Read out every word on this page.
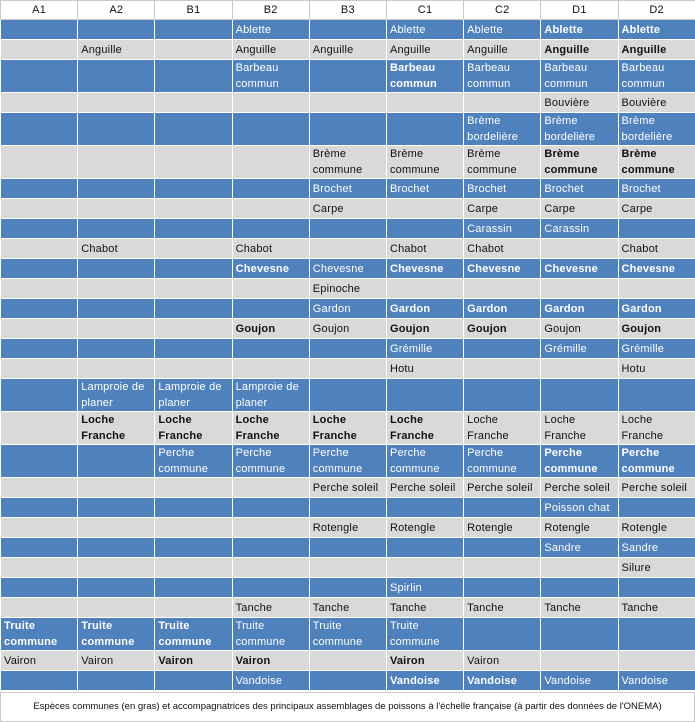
A1	A2	B1	B2	B3	C1	C2	D1	D2
			Ablette		Ablette	Ablette	Ablette	Ablette
	Anguille		Anguille	Anguille	Anguille	Anguille	Anguille	Anguille
			Barbeau commun		Barbeau commun	Barbeau commun	Barbeau commun	Barbeau commun
							Bouvière	Bouvière
						Brème bordelière	Brème bordelière	Brème bordelière
				Brème commune	Brème commune	Brème commune	Brème commune	Brème commune
				Brochet	Brochet	Brochet	Brochet	Brochet
				Carpe		Carpe	Carpe	Carpe
						Carassin	Carassin	
	Chabot		Chabot		Chabot	Chabot		Chabot
			Chevesne	Chevesne	Chevesne	Chevesne	Chevesne	Chevesne
				Epinoche				
				Gardon	Gardon	Gardon	Gardon	Gardon
			Goujon	Goujon	Goujon	Goujon	Goujon	Goujon
					Grémille		Grémille	Grémille
					Hotu			Hotu
	Lamproie de planer	Lamproie de planer	Lamproie de planer					
	Loche Franche	Loche Franche	Loche Franche	Loche Franche	Loche Franche	Loche Franche	Loche Franche	Loche Franche
		Perche commune	Perche commune	Perche commune	Perche commune	Perche commune	Perche commune	Perche commune
				Perche soleil	Perche soleil	Perche soleil	Perche soleil	Perche soleil
							Poisson chat	
				Rotengle	Rotengle	Rotengle	Rotengle	Rotengle
							Sandre	Sandre
								Silure
					Spirlin			
			Tanche	Tanche	Tanche	Tanche	Tanche	Tanche
Truite commune	Truite commune	Truite commune	Truite commune	Truite commune	Truite commune			
Vairon	Vairon	Vairon	Vairon		Vairon	Vairon		
			Vandoise		Vandoise	Vandoise	Vandoise	Vandoise
Espèces communes (en gras) et accompagnatrices des principaux assemblages de poissons à l'échelle française (à partir des données de l'ONEMA)
